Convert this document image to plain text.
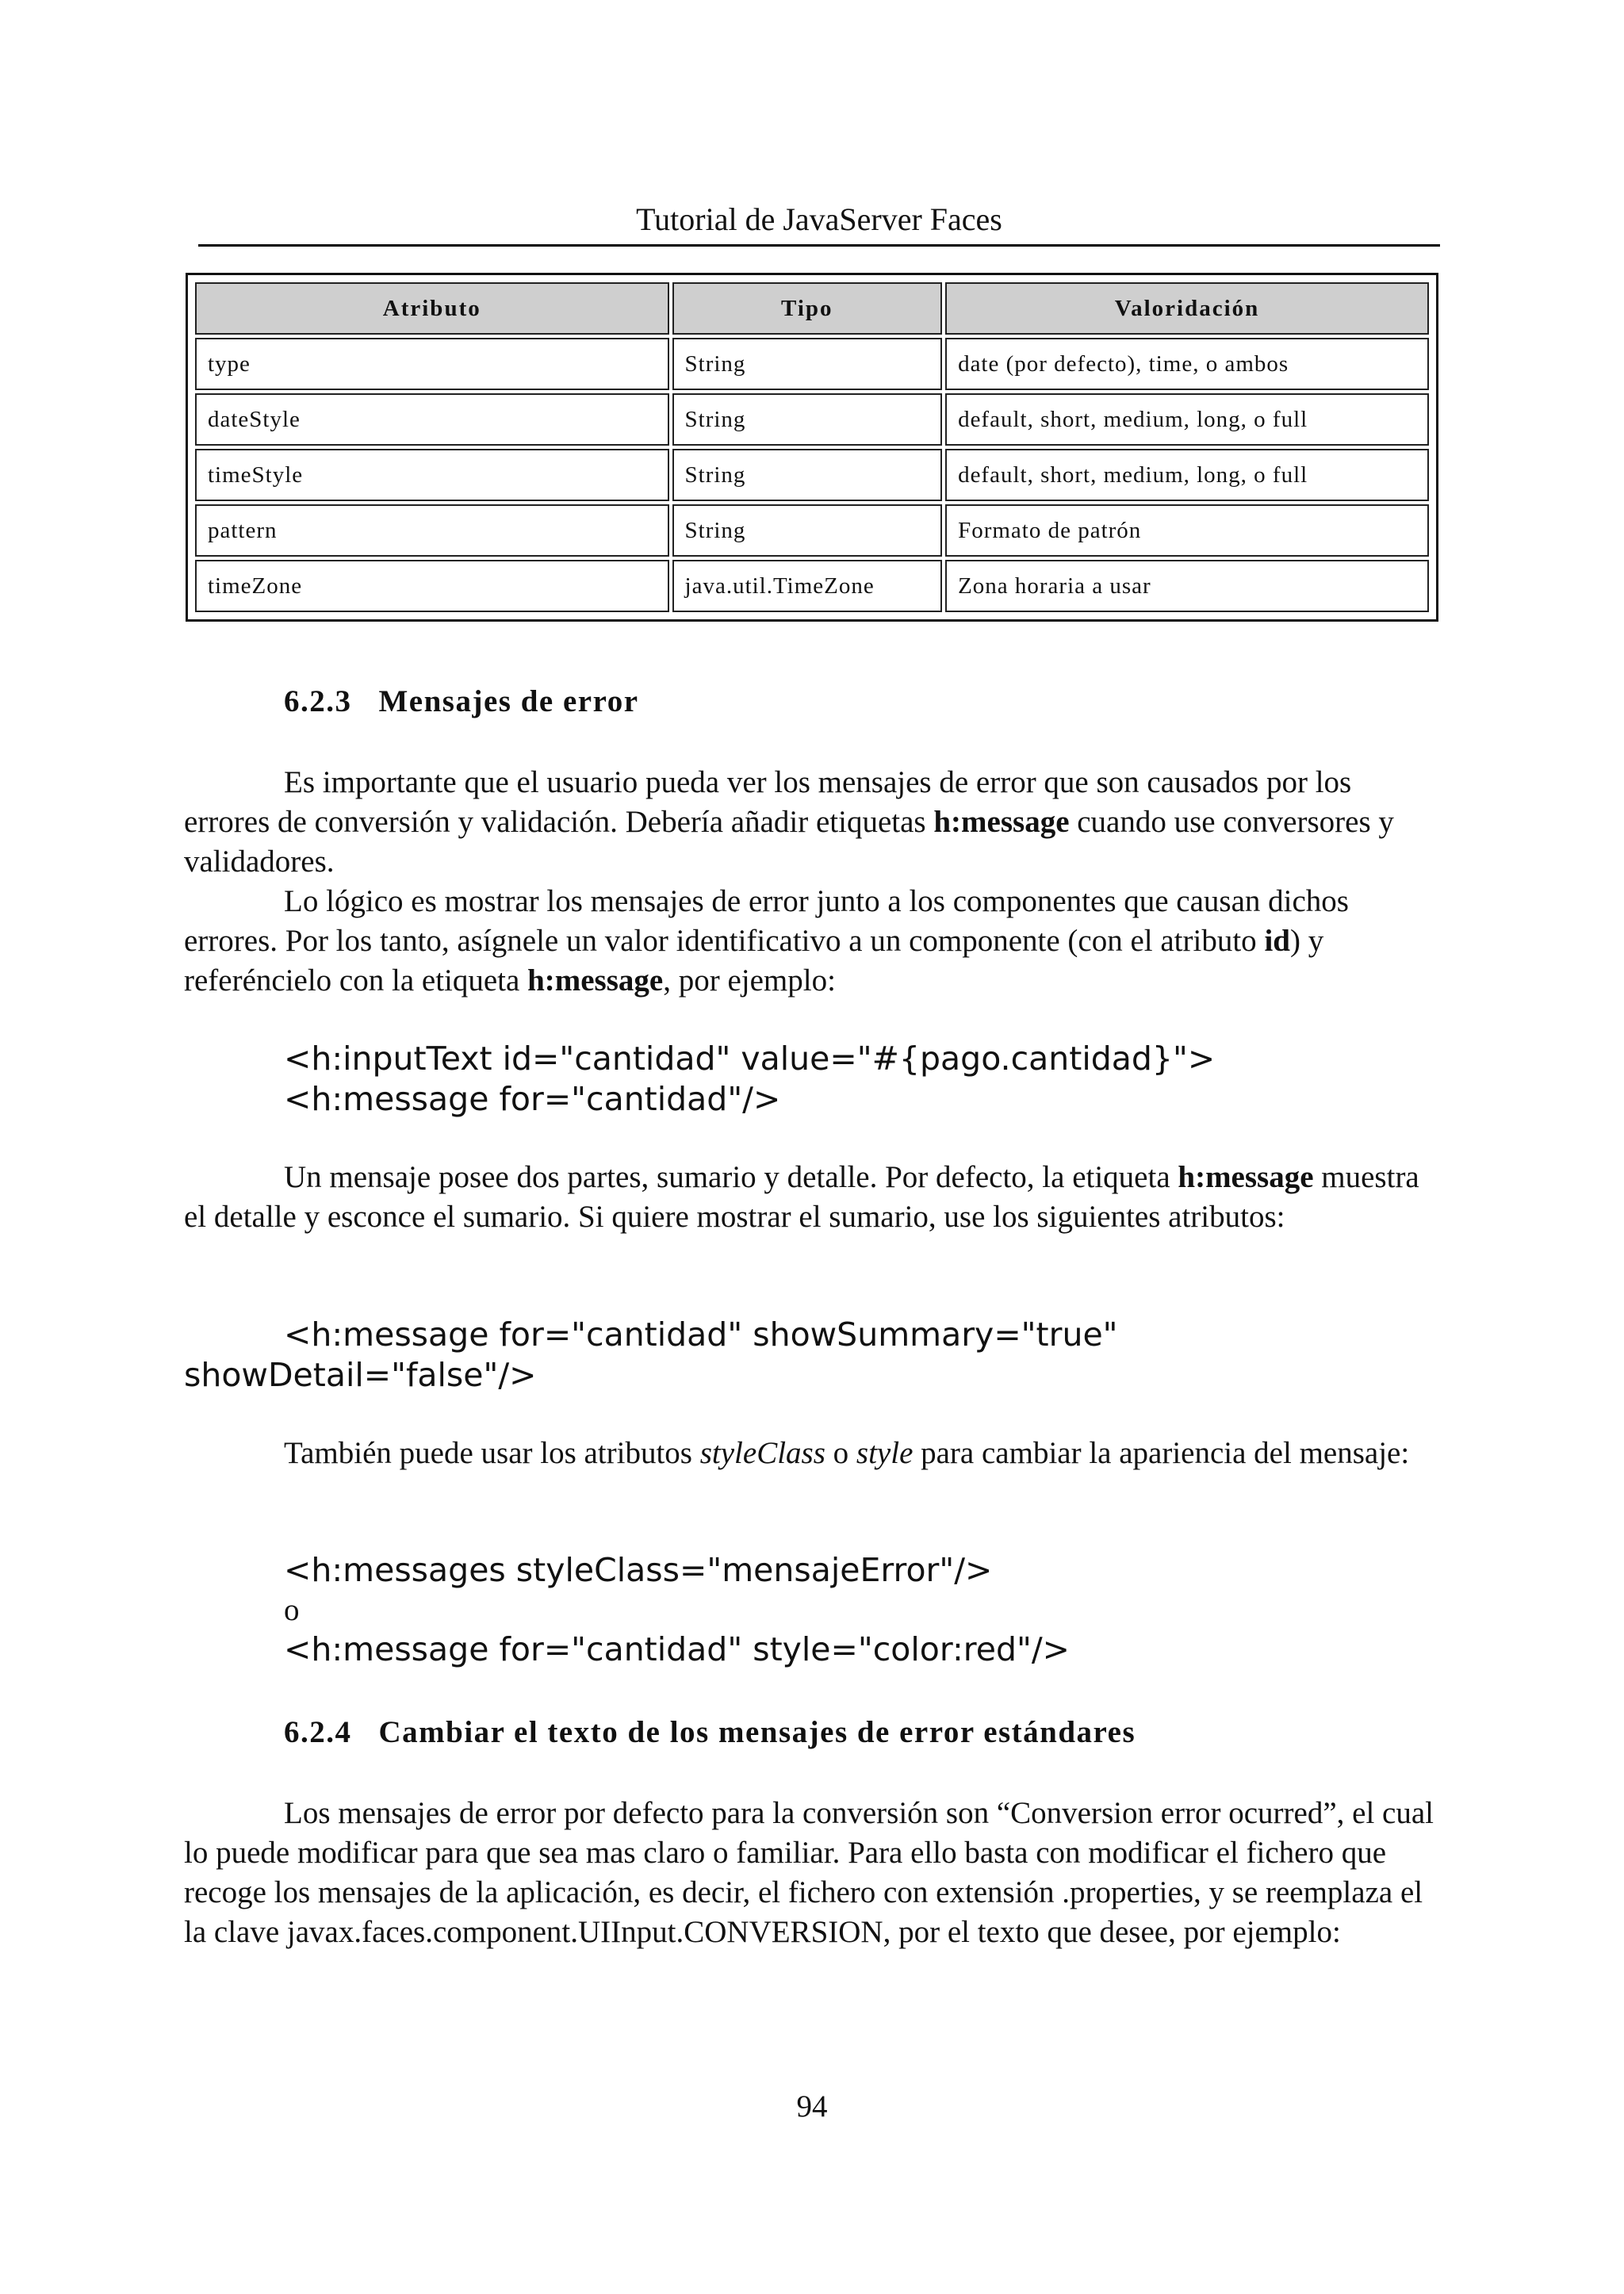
Tutorial de JavaServer Faces
Atributo	Tipo	Valoridación
type	String	date (por defecto), time, o ambos
dateStyle	String	default, short, medium, long, o full
timeStyle	String	default, short, medium, long, o full
pattern	String	Formato de patrón
timeZone	java.util.TimeZone	Zona horaria a usar
6.2.3 Mensajes de error

Es importante que el usuario pueda ver los mensajes de error que son causados por los errores de conversión y validación. Debería añadir etiquetas h:message cuando use conversores y validadores.

Lo lógico es mostrar los mensajes de error junto a los componentes que causan dichos errores. Por los tanto, asígnele un valor identificativo a un componente (con el atributo id) y referéncielo con la etiqueta h:message, por ejemplo:

<h:inputText id="cantidad" value="#{pago.cantidad}">
<h:message for="cantidad"/>

Un mensaje posee dos partes, sumario y detalle. Por defecto, la etiqueta h:message muestra el detalle y esconce el sumario. Si quiere mostrar el sumario, use los siguientes atributos:

<h:message for="cantidad" showSummary="true"
showDetail="false"/>

También puede usar los atributos styleClass o style para cambiar la apariencia del mensaje:

<h:messages styleClass="mensajeError"/>
o
<h:message for="cantidad" style="color:red"/>
6.2.4 Cambiar el texto de los mensajes de error estándares

Los mensajes de error por defecto para la conversión son “Conversion error ocurred”, el cual lo puede modificar para que sea mas claro o familiar. Para ello basta con modificar el fichero que recoge los mensajes de la aplicación, es decir, el fichero con extensión .properties, y se reemplaza el la clave javax.faces.component.UIInput.CONVERSION, por el texto que desee, por ejemplo:

94
